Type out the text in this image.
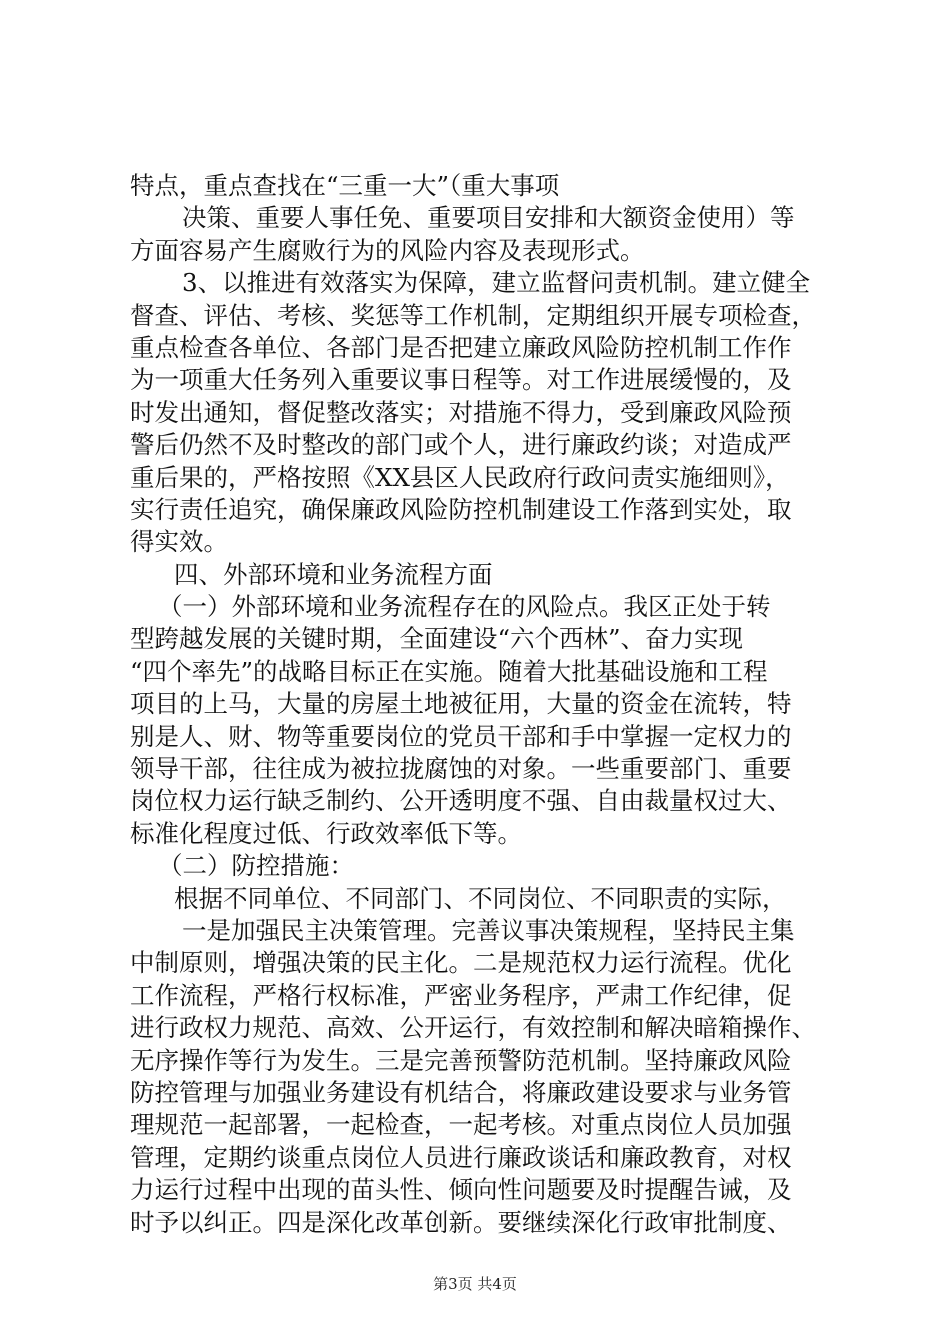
特点，重点查找在“三重一大”（重大事项
决策、重要人事任免、重要项目安排和大额资金使用）等
方面容易产生腐败行为的风险内容及表现形式。
3、以推进有效落实为保障，建立监督问责机制。建立健全
督查、评估、考核、奖惩等工作机制，定期组织开展专项检查，
重点检查各单位、各部门是否把建立廉政风险防控机制工作作
为一项重大任务列入重要议事日程等。对工作进展缓慢的，及
时发出通知，督促整改落实；对措施不得力，受到廉政风险预
警后仍然不及时整改的部门或个人，进行廉政约谈；对造成严
重后果的，严格按照《XX县区人民政府行政问责实施细则》，
实行责任追究，确保廉政风险防控机制建设工作落到实处，取
得实效。
四、外部环境和业务流程方面
（一）外部环境和业务流程存在的风险点。我区正处于转
型跨越发展的关键时期，全面建设“六个西林”、奋力实现
“四个率先”的战略目标正在实施。随着大批基础设施和工程
项目的上马，大量的房屋土地被征用，大量的资金在流转，特
别是人、财、物等重要岗位的党员干部和手中掌握一定权力的
领导干部，往往成为被拉拢腐蚀的对象。一些重要部门、重要
岗位权力运行缺乏制约、公开透明度不强、自由裁量权过大、
标准化程度过低、行政效率低下等。
（二）防控措施：
根据不同单位、不同部门、不同岗位、不同职责的实际，
一是加强民主决策管理。完善议事决策规程，坚持民主集
中制原则，增强决策的民主化。二是规范权力运行流程。优化
工作流程，严格行权标准，严密业务程序，严肃工作纪律，促
进行政权力规范、高效、公开运行，有效控制和解决暗箱操作、
无序操作等行为发生。三是完善预警防范机制。坚持廉政风险
防控管理与加强业务建设有机结合，将廉政建设要求与业务管
理规范一起部署，一起检查，一起考核。对重点岗位人员加强
管理，定期约谈重点岗位人员进行廉政谈话和廉政教育，对权
力运行过程中出现的苗头性、倾向性问题要及时提醒告诫，及
时予以纠正。四是深化改革创新。要继续深化行政审批制度、
第3页 共4页
